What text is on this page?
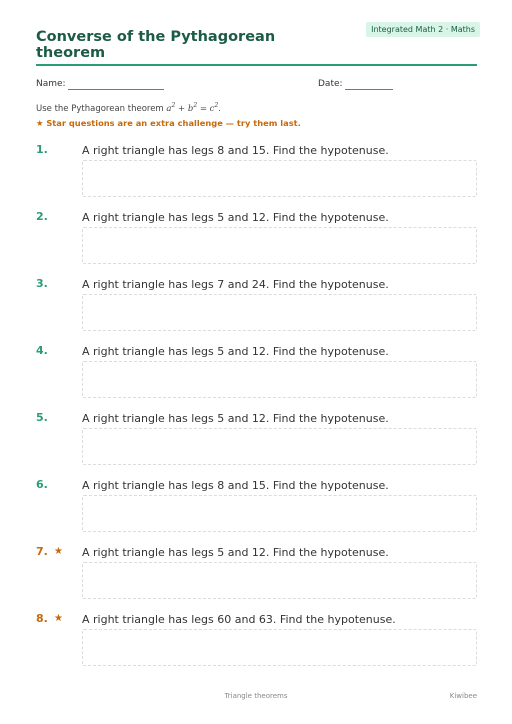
Converse of the Pythagorean theorem
Integrated Math 2 · Maths
Name:	Date:
Use the Pythagorean theorem $a^2 + b^2 = c^2$.
★ Star questions are an extra challenge — try them last.
1.	A right triangle has legs 8 and 15. Find the hypotenuse.
2.	A right triangle has legs 5 and 12. Find the hypotenuse.
3.	A right triangle has legs 7 and 24. Find the hypotenuse.
4.	A right triangle has legs 5 and 12. Find the hypotenuse.
5.	A right triangle has legs 5 and 12. Find the hypotenuse.
6.	A right triangle has legs 8 and 15. Find the hypotenuse.
7. ★ A right triangle has legs 5 and 12. Find the hypotenuse.
8. ★ A right triangle has legs 60 and 63. Find the hypotenuse.
Triangle theorems	Kiwibee
